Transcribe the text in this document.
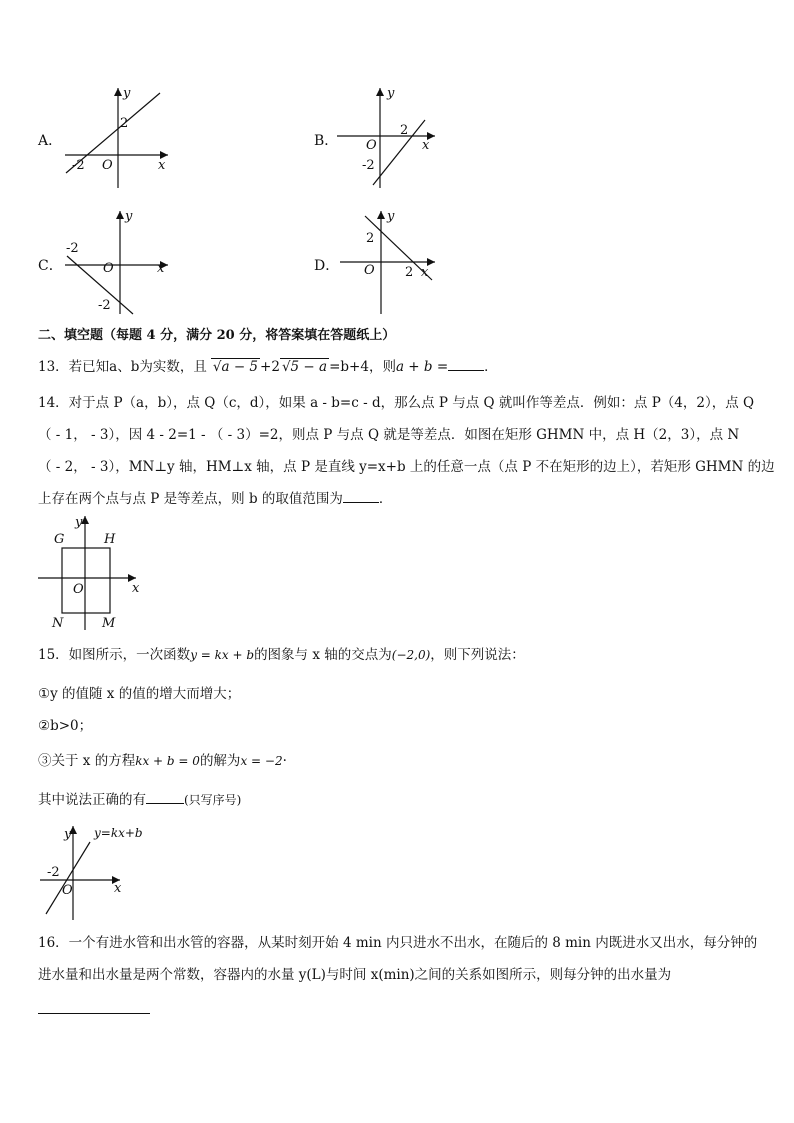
A．
2
-2 O	x
y
B．
2
-2
O	x
y
C．
-2
-2
O	x
y
D．
2
2
O	x
y
二、填空题（每题 4 分，满分 20 分，将答案填在答题纸上）
13．若已知a、b为实数，且 √a − 5 +2 √5 − a =b+4，则a + b =	．
14．对于点 P（a，b），点 Q（c，d），如果 a - b=c - d，那么点 P 与点 Q 就叫作等差点．例如：点 P（4，2），点 Q
（ - 1， - 3），因 4 - 2=1 - （ - 3）=2，则点 P 与点 Q 就是等差点．如图在矩形 GHMN 中，点 H（2，3），点 N
（ - 2， - 3），MN⊥y 轴，HM⊥x 轴，点 P 是直线 y=x+b 上的任意一点（点 P 不在矩形的边上），若矩形 GHMN 的边
上存在两个点与点 P 是等差点，则 b 的取值范围为	．
G	H
N	M
O	x
y
15．如图所示，一次函数y = kx + b的图象与 x 轴的交点为(−2,0)，则下列说法：
①y 的值随 x 的值的增大而增大；
②b>0；
③关于 x 的方程kx + b = 0的解为x = −2·
其中说法正确的有	(只写序号)
y=kx+b
-2
O	x
y
16．一个有进水管和出水管的容器，从某时刻开始 4 min 内只进水不出水，在随后的 8 min 内既进水又出水，每分钟的
进水量和出水量是两个常数，容器内的水量 y(L)与时间 x(min)之间的关系如图所示，则每分钟的出水量为
